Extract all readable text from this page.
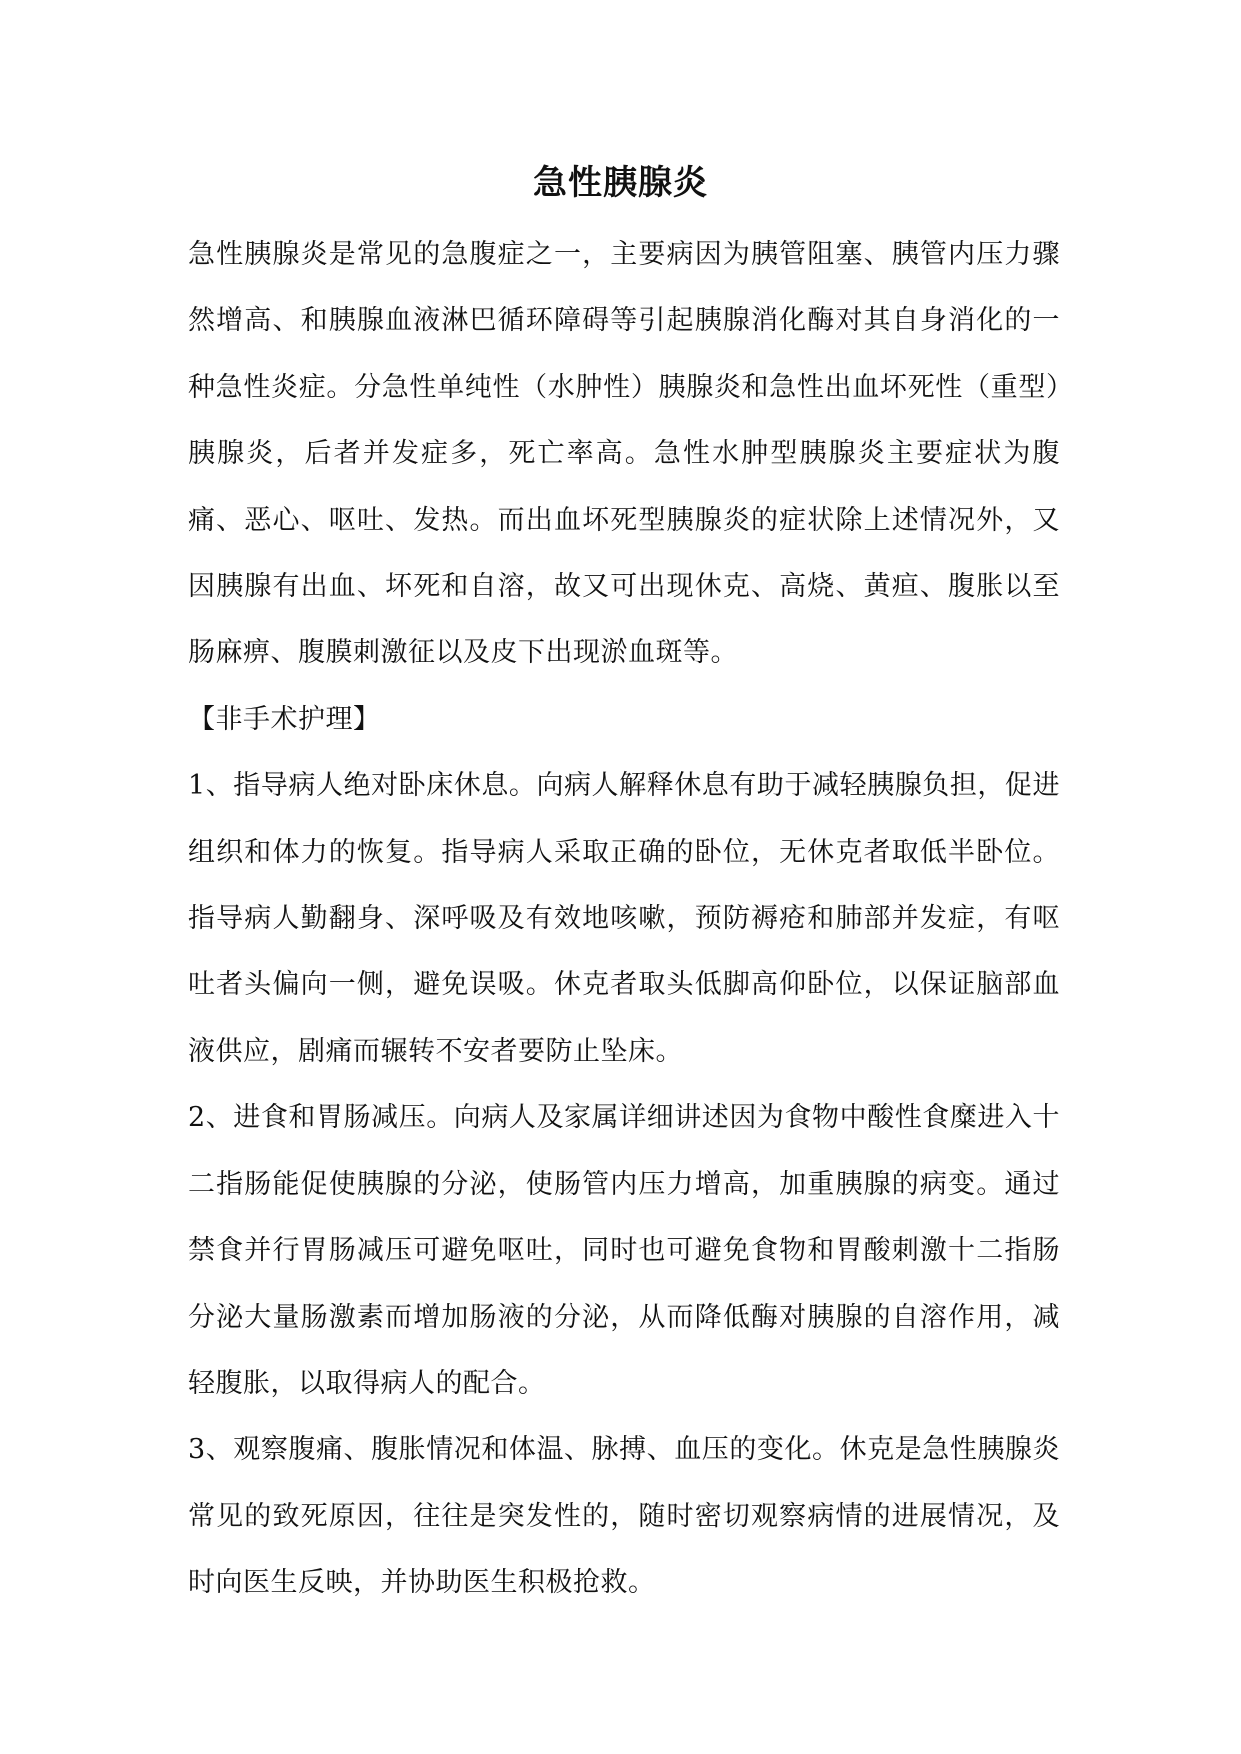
急性胰腺炎

急性胰腺炎是常见的急腹症之一，主要病因为胰管阻塞、胰管内压力骤然增高、和胰腺血液淋巴循环障碍等引起胰腺消化酶对其自身消化的一种急性炎症。分急性单纯性（水肿性）胰腺炎和急性出血坏死性（重型）胰腺炎，后者并发症多，死亡率高。急性水肿型胰腺炎主要症状为腹痛、恶心、呕吐、发热。而出血坏死型胰腺炎的症状除上述情况外，又因胰腺有出血、坏死和自溶，故又可出现休克、高烧、黄疸、腹胀以至肠麻痹、腹膜刺激征以及皮下出现淤血斑等。

【非手术护理】

1、指导病人绝对卧床休息。向病人解释休息有助于减轻胰腺负担，促进组织和体力的恢复。指导病人采取正确的卧位，无休克者取低半卧位。指导病人勤翻身、深呼吸及有效地咳嗽，预防褥疮和肺部并发症，有呕吐者头偏向一侧，避免误吸。休克者取头低脚高仰卧位，以保证脑部血液供应，剧痛而辗转不安者要防止坠床。

2、进食和胃肠减压。向病人及家属详细讲述因为食物中酸性食糜进入十二指肠能促使胰腺的分泌，使肠管内压力增高，加重胰腺的病变。通过禁食并行胃肠减压可避免呕吐，同时也可避免食物和胃酸刺激十二指肠分泌大量肠激素而增加肠液的分泌，从而降低酶对胰腺的自溶作用，减轻腹胀，以取得病人的配合。

3、观察腹痛、腹胀情况和体温、脉搏、血压的变化。休克是急性胰腺炎常见的致死原因，往往是突发性的，随时密切观察病情的进展情况，及时向医生反映，并协助医生积极抢救。
